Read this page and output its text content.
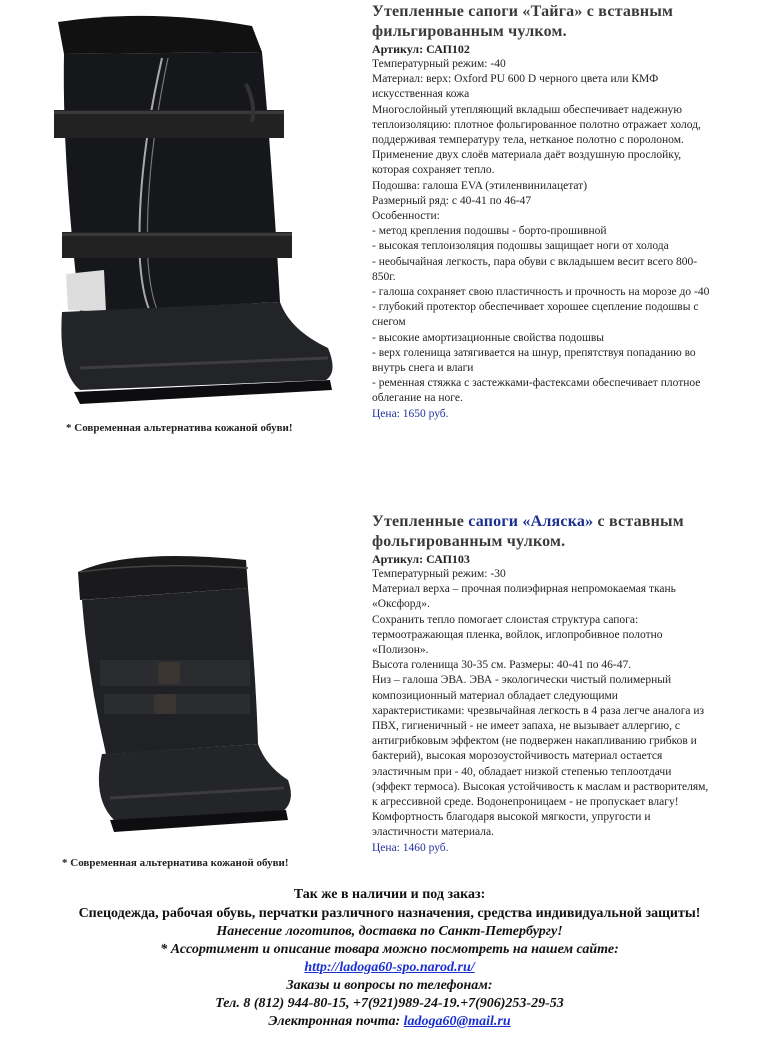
* Современная альтернатива кожаной обуви!
Утепленные сапоги «Тайга» с вставным фильгированным чулком.
Артикул: САП102
Температурный режим: -40
Материал: верх: Oxford PU 600 D черного цвета или КМФ
искусственная кожа
Многослойный утепляющий вкладыш обеспечивает надежную
теплоизоляцию: плотное фольгированное полотно отражает холод,
поддерживая температуру тела, нетканое полотно с поролоном.
Применение двух слоёв материала даёт воздушную прослойку,
которая сохраняет тепло.
Подошва: галоша EVA (этиленвинилацетат)
Размерный ряд: с 40-41 по 46-47
Особенности:
- метод крепления подошвы - борто-прошивной
- высокая теплоизоляция подошвы защищает ноги от холода
- необычайная легкость, пара обуви с вкладышем весит всего 800-
850г.
- галоша сохраняет свою пластичность и прочность на морозе до -40
- глубокий протектор обеспечивает хорошее сцепление подошвы с
снегом
- высокие амортизационные свойства подошвы
- верх голенища затягивается на шнур, препятствуя попаданию во
внутрь снега и влаги
- ременная стяжка с застежками-фастексами обеспечивает плотное
облегание на ноге.
Цена: 1650 руб.
* Современная альтернатива кожаной обуви!
Утепленные сапоги «Аляска» с вставным фольгированным чулком.
Артикул: САП103
Температурный режим: -30
Материал верха – прочная полиэфирная непромокаемая ткань
«Оксфорд».
Сохранить тепло помогает слоистая структура сапога:
термоотражающая пленка, войлок, иглопробивное полотно
«Полизон».
Высота голенища 30-35 см. Размеры: 40-41 по 46-47.
Низ – галоша ЭВА. ЭВА - экологически чистый полимерный
композиционный материал обладает следующими
характеристиками: чрезвычайная легкость в 4 раза легче аналога из
ПВХ, гигиеничный - не имеет запаха, не вызывает аллергию, с
антигрибковым эффектом (не подвержен накапливанию грибков и
бактерий), высокая морозоустойчивость материал остается
эластичным при - 40, обладает низкой степенью теплоотдачи
(эффект термоса). Высокая устойчивость к маслам и растворителям,
к агрессивной среде. Водонепроницаем - не пропускает влагу!
Комфортность благодаря высокой мягкости, упругости и
эластичности материала.
Цена: 1460 руб.
Так же в наличии и под заказ:
Спецодежда, рабочая обувь, перчатки различного назначения, средства индивидуальной защиты!
Нанесение логотипов, доставка по Санкт-Петербургу!
* Ассортимент и описание товара можно посмотреть на нашем сайте:
http://ladoga60-spo.narod.ru/
Заказы и вопросы по телефонам:
Тел. 8 (812) 944-80-15, +7(921)989-24-19.+7(906)253-29-53
Электронная почта: ladoga60@mail.ru
